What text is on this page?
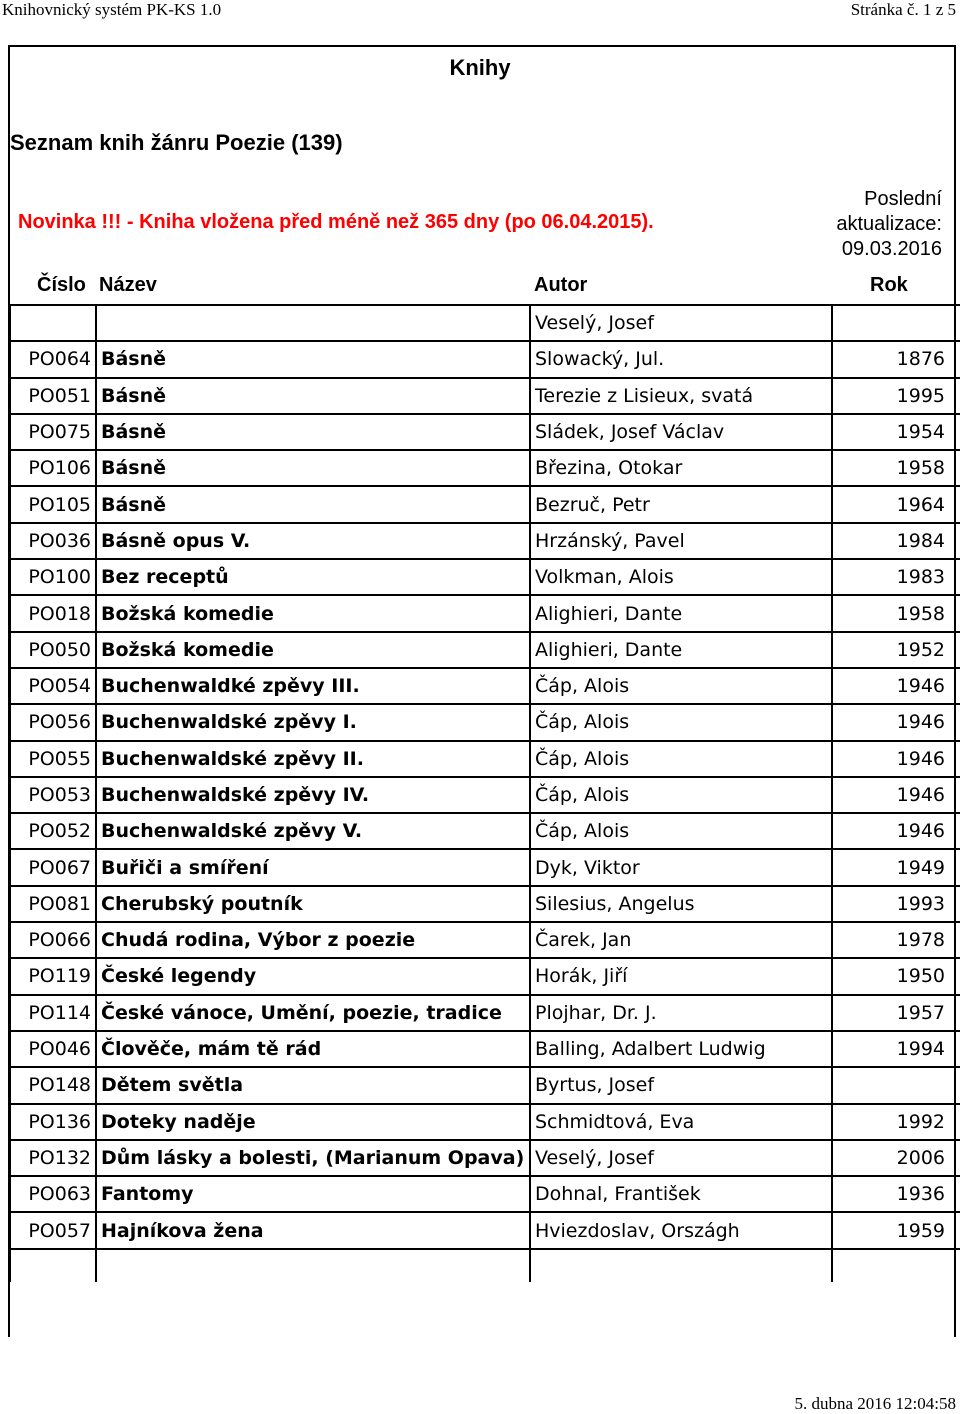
Knihovnický systém PK-KS 1.0	Stránka č. 1 z 5
Knihy
Seznam knih žánru Poezie (139)
Novinka !!! - Kniha vložena před méně než 365 dny (po 06.04.2015).
Poslední
aktualizace:
09.03.2016
Číslo Název	Autor	Rok
		Veselý, Josef	
PO064	Básně	Slowacký, Jul.	1876
PO051	Básně	Terezie z Lisieux, svatá	1995
PO075	Básně	Sládek, Josef Václav	1954
PO106	Básně	Březina, Otokar	1958
PO105	Básně	Bezruč, Petr	1964
PO036	Básně opus V.	Hrzánský, Pavel	1984
PO100	Bez receptů	Volkman, Alois	1983
PO018	Božská komedie	Alighieri, Dante	1958
PO050	Božská komedie	Alighieri, Dante	1952
PO054	Buchenwaldké zpěvy III.	Čáp, Alois	1946
PO056	Buchenwaldské zpěvy I.	Čáp, Alois	1946
PO055	Buchenwaldské zpěvy II.	Čáp, Alois	1946
PO053	Buchenwaldské zpěvy IV.	Čáp, Alois	1946
PO052	Buchenwaldské zpěvy V.	Čáp, Alois	1946
PO067	Buřiči a smíření	Dyk, Viktor	1949
PO081	Cherubský poutník	Silesius, Angelus	1993
PO066	Chudá rodina, Výbor z poezie	Čarek, Jan	1978
PO119	České legendy	Horák, Jiří	1950
PO114	České vánoce, Umění, poezie, tradice	Plojhar, Dr. J.	1957
PO046	Člověče, mám tě rád	Balling, Adalbert Ludwig	1994
PO148	Dětem světla	Byrtus, Josef	
PO136	Doteky naděje	Schmidtová, Eva	1992
PO132	Dům lásky a bolesti, (Marianum Opava)	Veselý, Josef	2006
PO063	Fantomy	Dohnal, František	1936
PO057	Hajníkova žena	Hviezdoslav, Országh	1959

5. dubna 2016 12:04:58
